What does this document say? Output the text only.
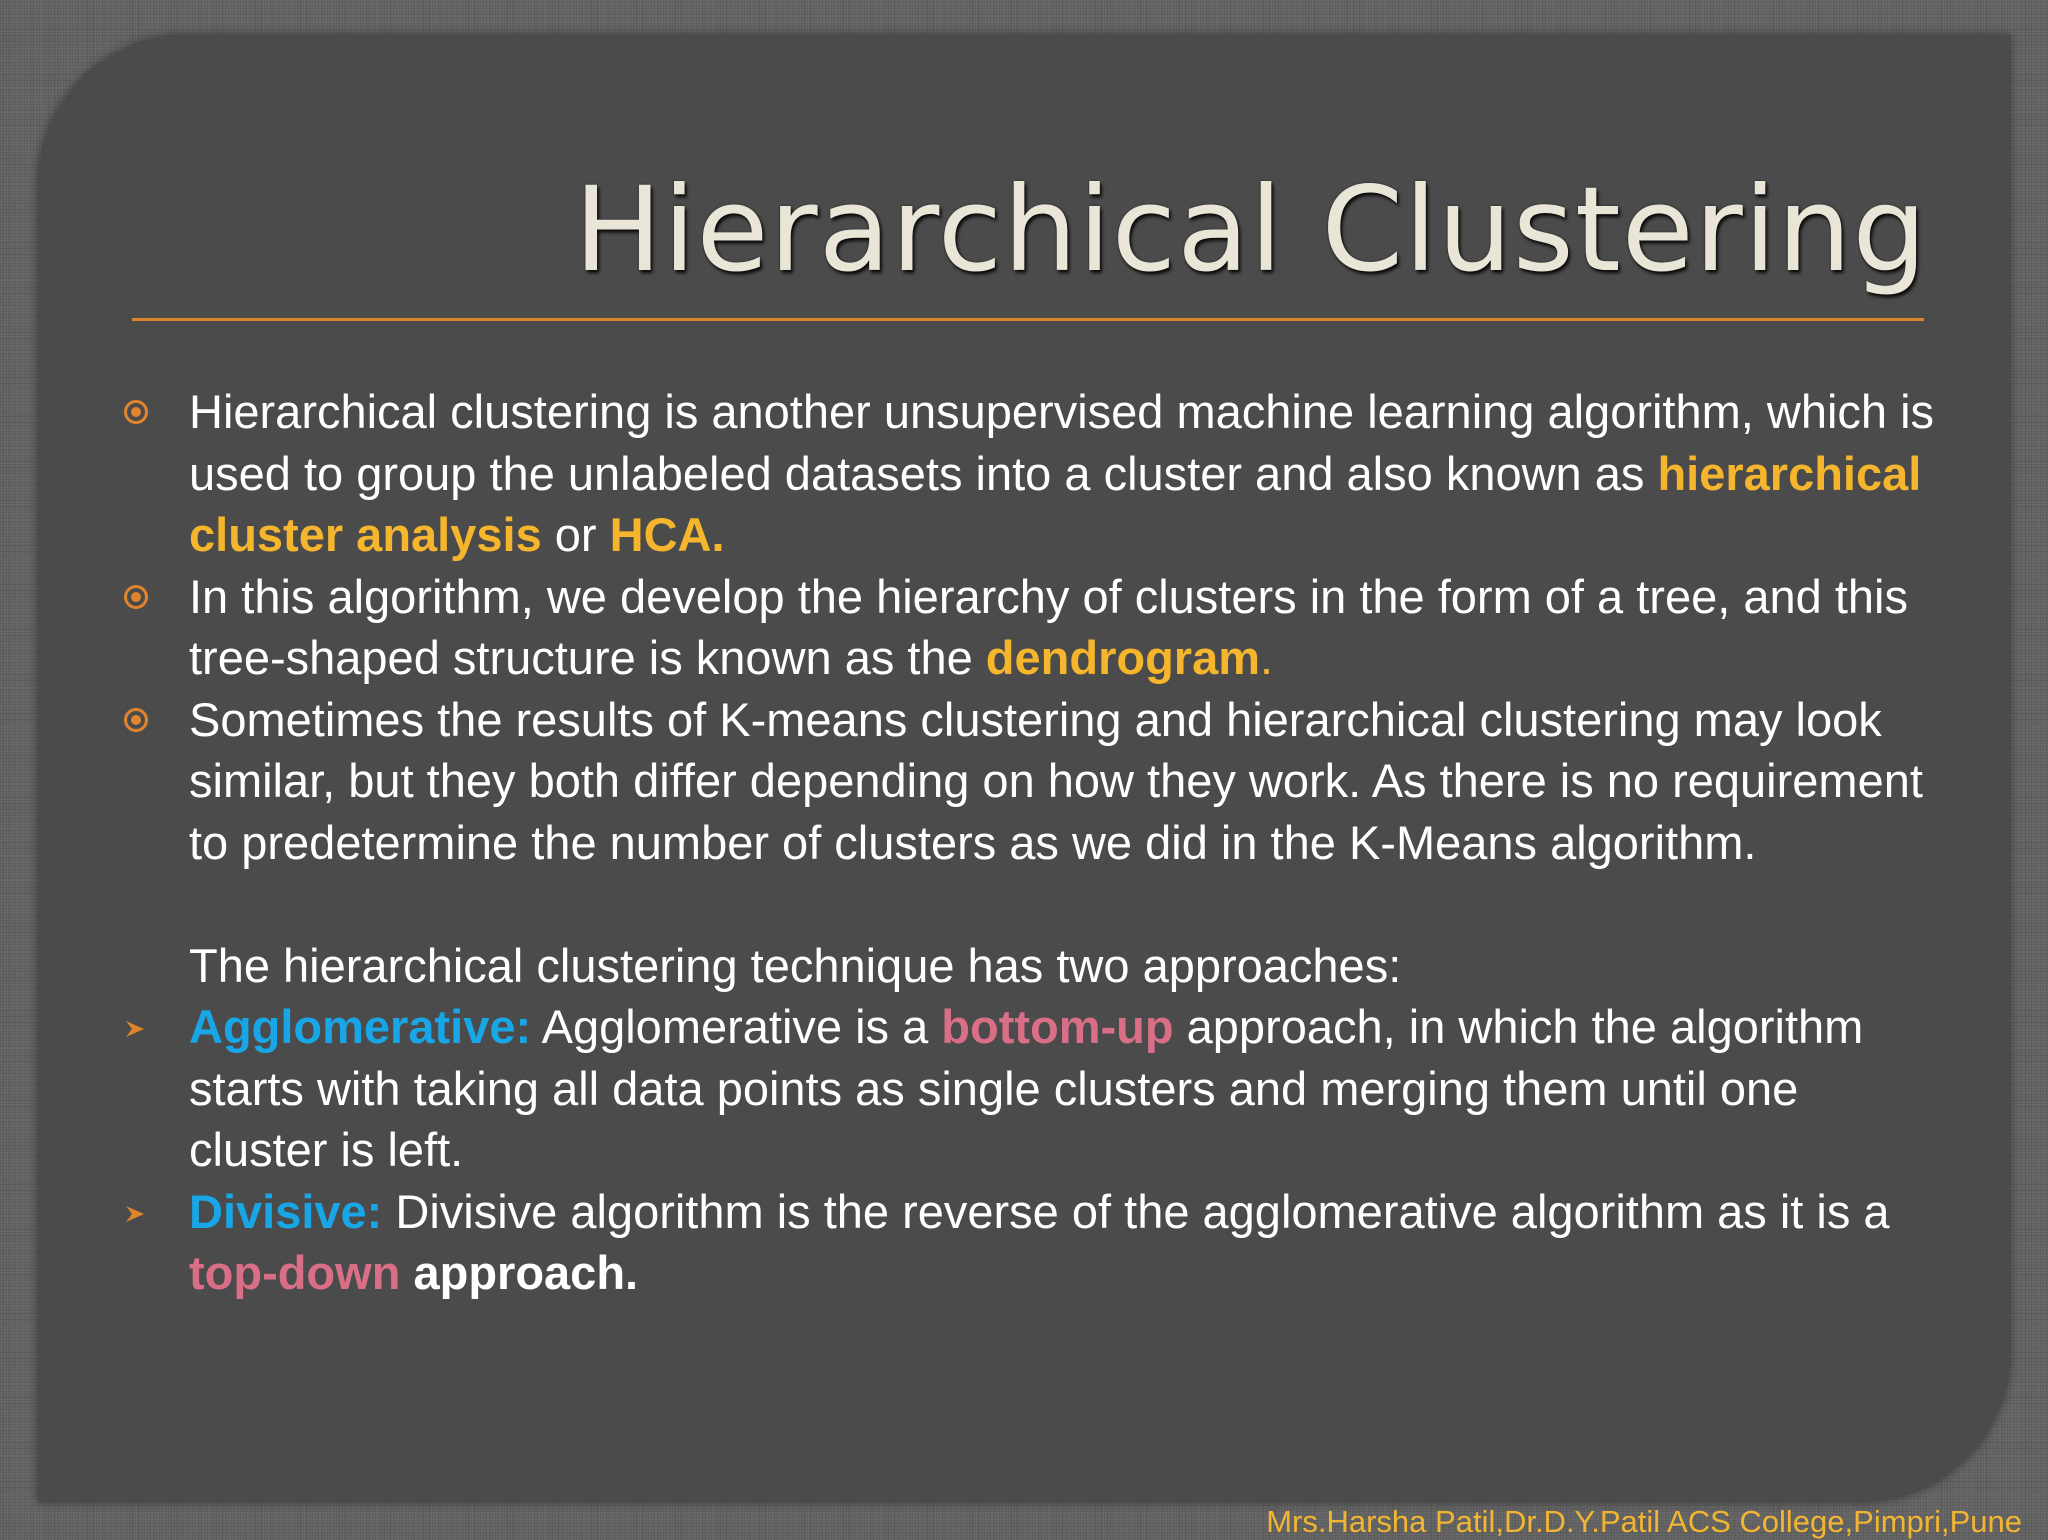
Hierarchical Clustering

Hierarchical clustering is another unsupervised machine learning algorithm, which is used to group the unlabeled datasets into a cluster and also known as hierarchical cluster analysis or HCA.

In this algorithm, we develop the hierarchy of clusters in the form of a tree, and this tree-shaped structure is known as the dendrogram.

Sometimes the results of K-means clustering and hierarchical clustering may look similar, but they both differ depending on how they work. As there is no requirement to predetermine the number of clusters as we did in the K-Means algorithm.

The hierarchical clustering technique has two approaches:

Agglomerative: Agglomerative is a bottom-up approach, in which the algorithm starts with taking all data points as single clusters and merging them until one cluster is left.

Divisive: Divisive algorithm is the reverse of the agglomerative algorithm as it is a top-down approach.

Mrs.Harsha Patil,Dr.D.Y.Patil ACS College,Pimpri,Pune
